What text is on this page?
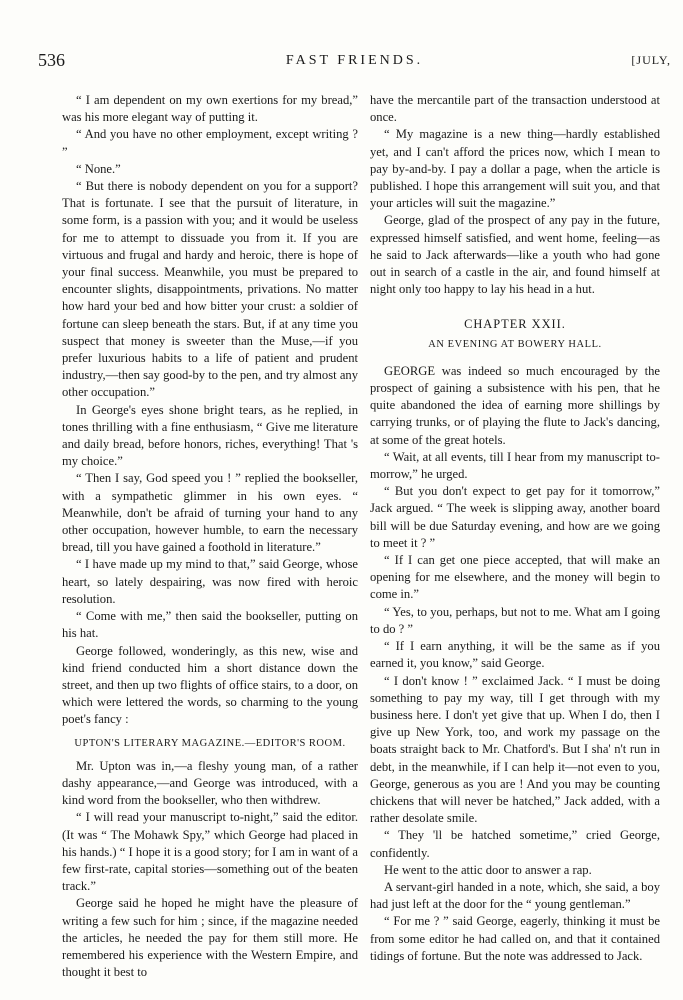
536	FAST FRIENDS.	[JULY,

“ I am dependent on my own exertions for my bread,” was his more elegant way of putting it.

“ And you have no other employment, except writing ? ”

“ None.”

“ But there is nobody dependent on you for a support? That is fortunate. I see that the pursuit of literature, in some form, is a passion with you; and it would be useless for me to attempt to dissuade you from it. If you are virtuous and frugal and hardy and heroic, there is hope of your final success. Meanwhile, you must be prepared to encounter slights, disappointments, privations. No matter how hard your bed and how bitter your crust: a soldier of fortune can sleep beneath the stars. But, if at any time you suspect that money is sweeter than the Muse,—if you prefer luxurious habits to a life of patient and prudent industry,—then say good-by to the pen, and try almost any other occupation.”

In George's eyes shone bright tears, as he replied, in tones thrilling with a fine enthusiasm, “ Give me literature and daily bread, before honors, riches, everything! That 's my choice.”

“ Then I say, God speed you ! ” replied the bookseller, with a sympathetic glimmer in his own eyes. “ Meanwhile, don't be afraid of turning your hand to any other occupation, however humble, to earn the necessary bread, till you have gained a foothold in literature.”

“ I have made up my mind to that,” said George, whose heart, so lately despairing, was now fired with heroic resolution.

“ Come with me,” then said the bookseller, putting on his hat.

George followed, wonderingly, as this new, wise and kind friend conducted him a short distance down the street, and then up two flights of office stairs, to a door, on which were lettered the words, so charming to the young poet's fancy :

UPTON'S LITERARY MAGAZINE.—EDITOR'S ROOM.

Mr. Upton was in,—a fleshy young man, of a rather dashy appearance,—and George was introduced, with a kind word from the bookseller, who then withdrew.

“ I will read your manuscript to-night,” said the editor. (It was “ The Mohawk Spy,” which George had placed in his hands.) “ I hope it is a good story; for I am in want of a few first-rate, capital stories—something out of the beaten track.”

George said he hoped he might have the pleasure of writing a few such for him ; since, if the magazine needed the articles, he needed the pay for them still more. He remembered his experience with the Western Empire, and thought it best to

have the mercantile part of the transaction understood at once.

“ My magazine is a new thing—hardly established yet, and I can't afford the prices now, which I mean to pay by-and-by. I pay a dollar a page, when the article is published. I hope this arrangement will suit you, and that your articles will suit the magazine.”

George, glad of the prospect of any pay in the future, expressed himself satisfied, and went home, feeling—as he said to Jack afterwards—like a youth who had gone out in search of a castle in the air, and found himself at night only too happy to lay his head in a hut.

CHAPTER XXII.
AN EVENING AT BOWERY HALL.

GEORGE was indeed so much encouraged by the prospect of gaining a subsistence with his pen, that he quite abandoned the idea of earning more shillings by carrying trunks, or of playing the flute to Jack's dancing, at some of the great hotels.

“ Wait, at all events, till I hear from my manuscript to-morrow,” he urged.

“ But you don't expect to get pay for it tomorrow,” Jack argued. “ The week is slipping away, another board bill will be due Saturday evening, and how are we going to meet it ? ”

“ If I can get one piece accepted, that will make an opening for me elsewhere, and the money will begin to come in.”

“ Yes, to you, perhaps, but not to me. What am I going to do ? ”

“ If I earn anything, it will be the same as if you earned it, you know,” said George.

“ I don't know ! ” exclaimed Jack. “ I must be doing something to pay my way, till I get through with my business here. I don't yet give that up. When I do, then I give up New York, too, and work my passage on the boats straight back to Mr. Chatford's. But I sha' n't run in debt, in the meanwhile, if I can help it—not even to you, George, generous as you are ! And you may be counting chickens that will never be hatched,” Jack added, with a rather desolate smile.

“ They 'll be hatched sometime,” cried George, confidently.

He went to the attic door to answer a rap.

A servant-girl handed in a note, which, she said, a boy had just left at the door for the “ young gentleman.”

“ For me ? ” said George, eagerly, thinking it must be from some editor he had called on, and that it contained tidings of fortune. But the note was addressed to Jack.
